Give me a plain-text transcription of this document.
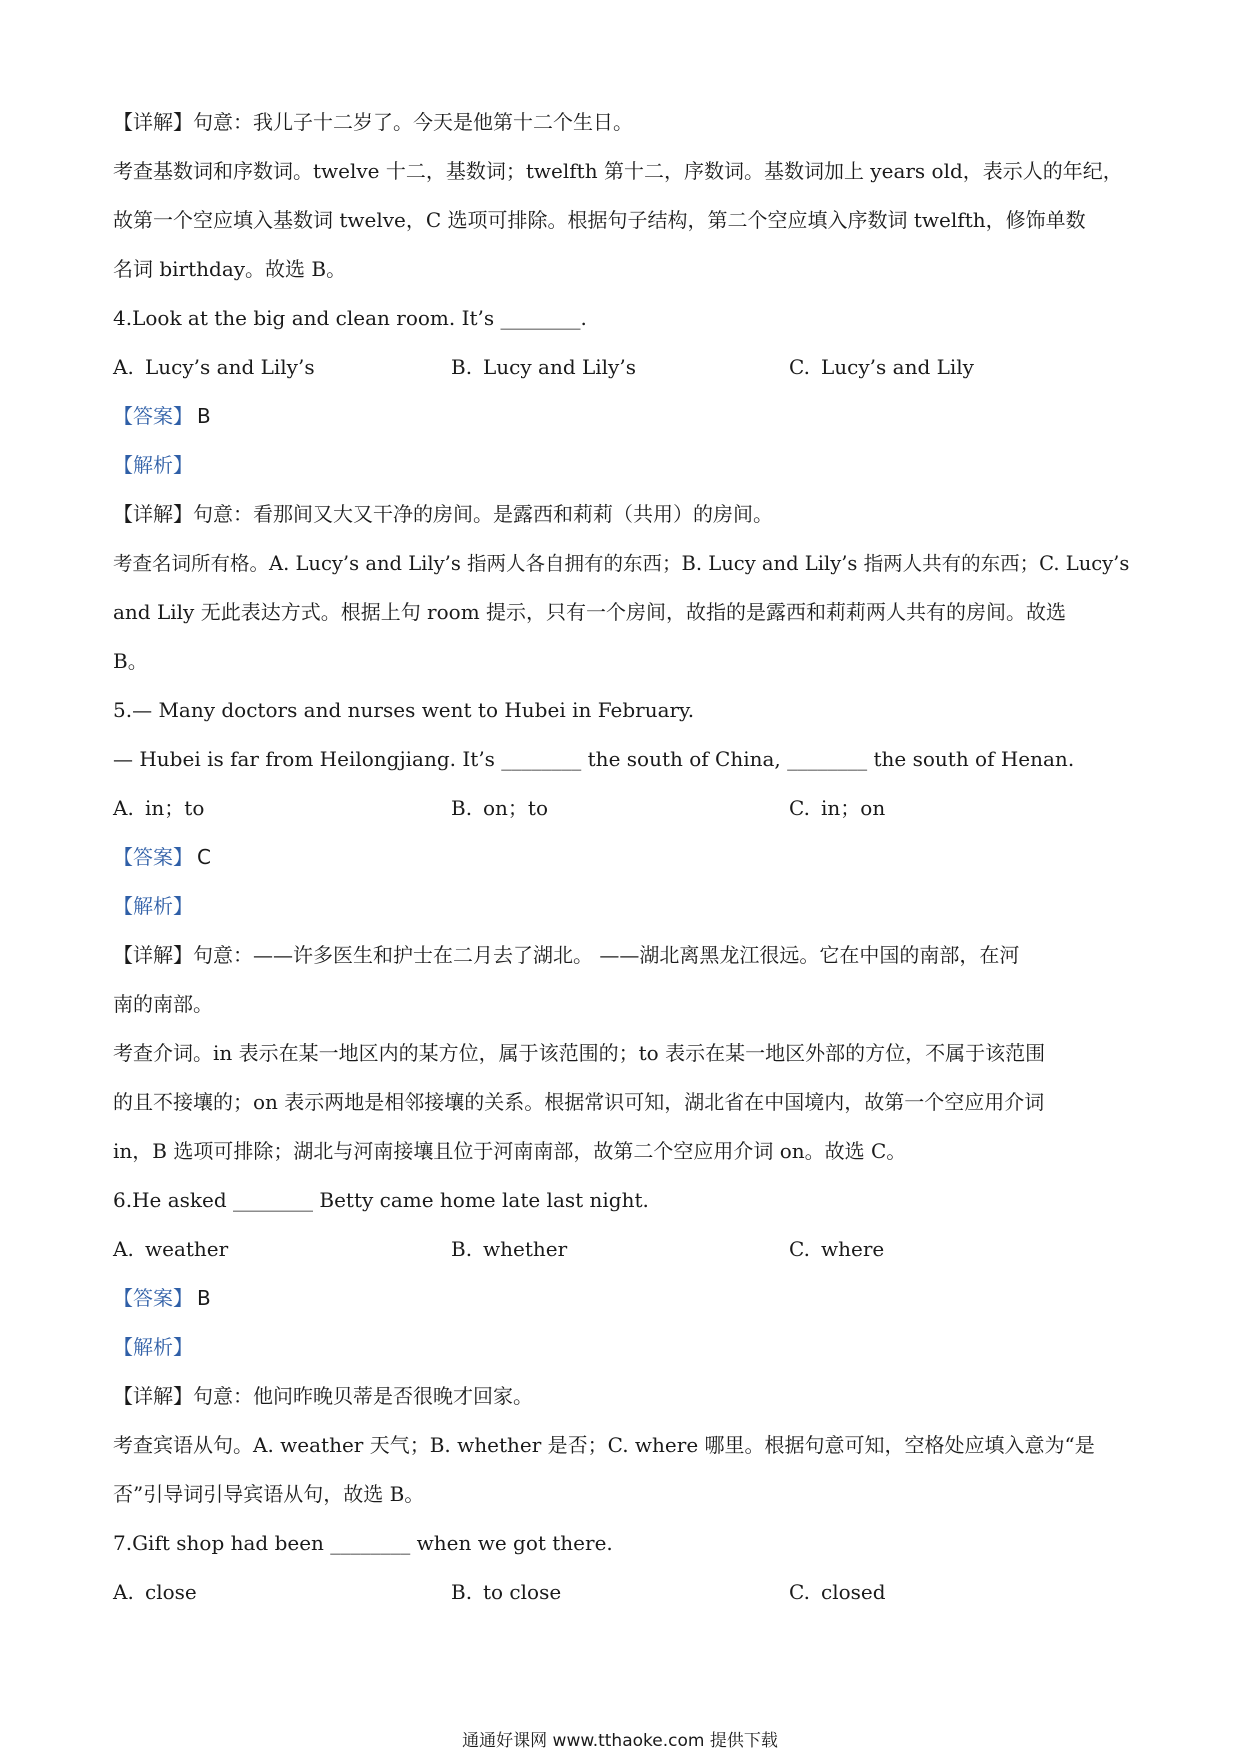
【详解】句意：我儿子十二岁了。今天是他第十二个生日。
考查基数词和序数词。twelve 十二，基数词；twelfth 第十二，序数词。基数词加上 years old，表示人的年纪，
故第一个空应填入基数词 twelve，C 选项可排除。根据句子结构，第二个空应填入序数词 twelfth，修饰单数
名词 birthday。故选 B。
4.Look at the big and clean room. It’s ________.
A. Lucy’s and Lily’s	B. Lucy and Lily’s	C. Lucy’s and Lily
【答案】 B
【解析】
【详解】句意：看那间又大又干净的房间。是露西和莉莉（共用）的房间。
考查名词所有格。A. Lucy’s and Lily’s 指两人各自拥有的东西；B. Lucy and Lily’s 指两人共有的东西；C. Lucy’s
and Lily 无此表达方式。根据上句 room 提示，只有一个房间，故指的是露西和莉莉两人共有的房间。故选
B。
5.— Many doctors and nurses went to Hubei in February.
— Hubei is far from Heilongjiang. It’s ________ the south of China, ________ the south of Henan.
A. in；to	B. on；to	C. in；on
【答案】 C
【解析】
【详解】句意：——许多医生和护士在二月去了湖北。 ——湖北离黑龙江很远。它在中国的南部，在河
南的南部。
考查介词。in 表示在某一地区内的某方位，属于该范围的；to 表示在某一地区外部的方位，不属于该范围
的且不接壤的；on 表示两地是相邻接壤的关系。根据常识可知，湖北省在中国境内，故第一个空应用介词
in，B 选项可排除；湖北与河南接壤且位于河南南部，故第二个空应用介词 on。故选 C。
6.He asked ________ Betty came home late last night.
A. weather	B. whether	C. where
【答案】 B
【解析】
【详解】句意：他问昨晚贝蒂是否很晚才回家。
考查宾语从句。A. weather 天气；B. whether 是否；C. where 哪里。根据句意可知，空格处应填入意为“是
否”引导词引导宾语从句，故选 B。
7.Gift shop had been ________ when we got there.
A. close	B. to close	C. closed
通通好课网 www.tthaoke.com 提供下载
